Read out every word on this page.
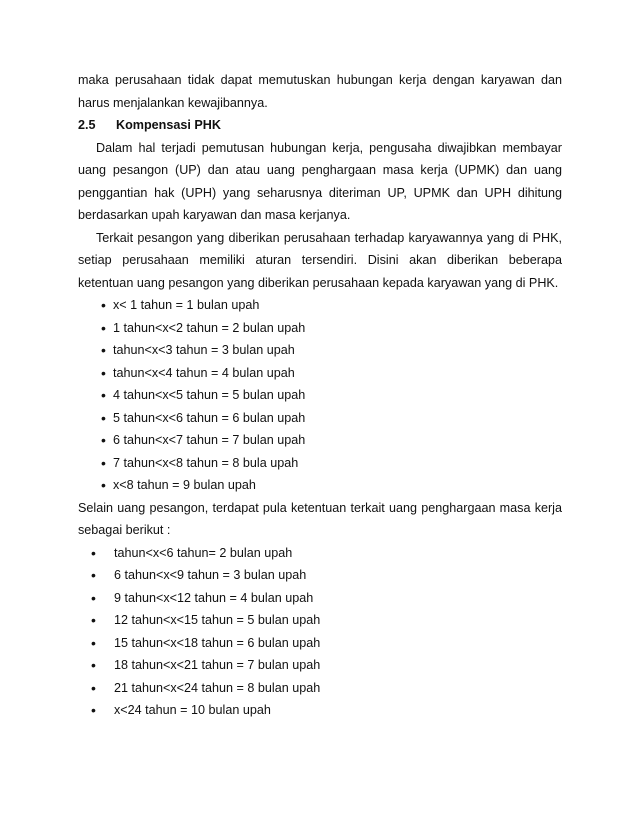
maka perusahaan tidak dapat memutuskan hubungan kerja dengan karyawan dan harus menjalankan kewajibannya.

2.5	Kompensasi PHK

Dalam hal terjadi pemutusan hubungan kerja, pengusaha diwajibkan membayar uang pesangon (UP) dan atau uang penghargaan masa kerja (UPMK) dan uang penggantian hak (UPH) yang seharusnya diteriman UP, UPMK dan UPH dihitung berdasarkan upah karyawan dan masa kerjanya.

Terkait pesangon yang diberikan perusahaan terhadap karyawannya yang di PHK, setiap perusahaan memiliki aturan tersendiri. Disini akan diberikan beberapa ketentuan uang pesangon yang diberikan perusahaan kepada karyawan yang di PHK.

•
x< 1 tahun = 1 bulan upah
•
1 tahun<x<2 tahun = 2 bulan upah
•
tahun<x<3 tahun = 3 bulan upah
•
tahun<x<4 tahun = 4 bulan upah
•
4 tahun<x<5 tahun = 5 bulan upah
•
5 tahun<x<6 tahun = 6 bulan upah
•
6 tahun<x<7 tahun = 7 bulan upah
•
7 tahun<x<8 tahun = 8 bula upah
•
x<8 tahun = 9 bulan upah

Selain uang pesangon, terdapat pula ketentuan terkait uang penghargaan masa kerja sebagai berikut :

•
tahun<x<6 tahun= 2 bulan upah
•
6 tahun<x<9 tahun = 3 bulan upah
•
9 tahun<x<12 tahun = 4 bulan upah
•
12 tahun<x<15 tahun = 5 bulan upah
•
15 tahun<x<18 tahun = 6 bulan upah
•
18 tahun<x<21 tahun = 7 bulan upah
•
21 tahun<x<24 tahun = 8 bulan upah
•
x<24 tahun = 10 bulan upah
